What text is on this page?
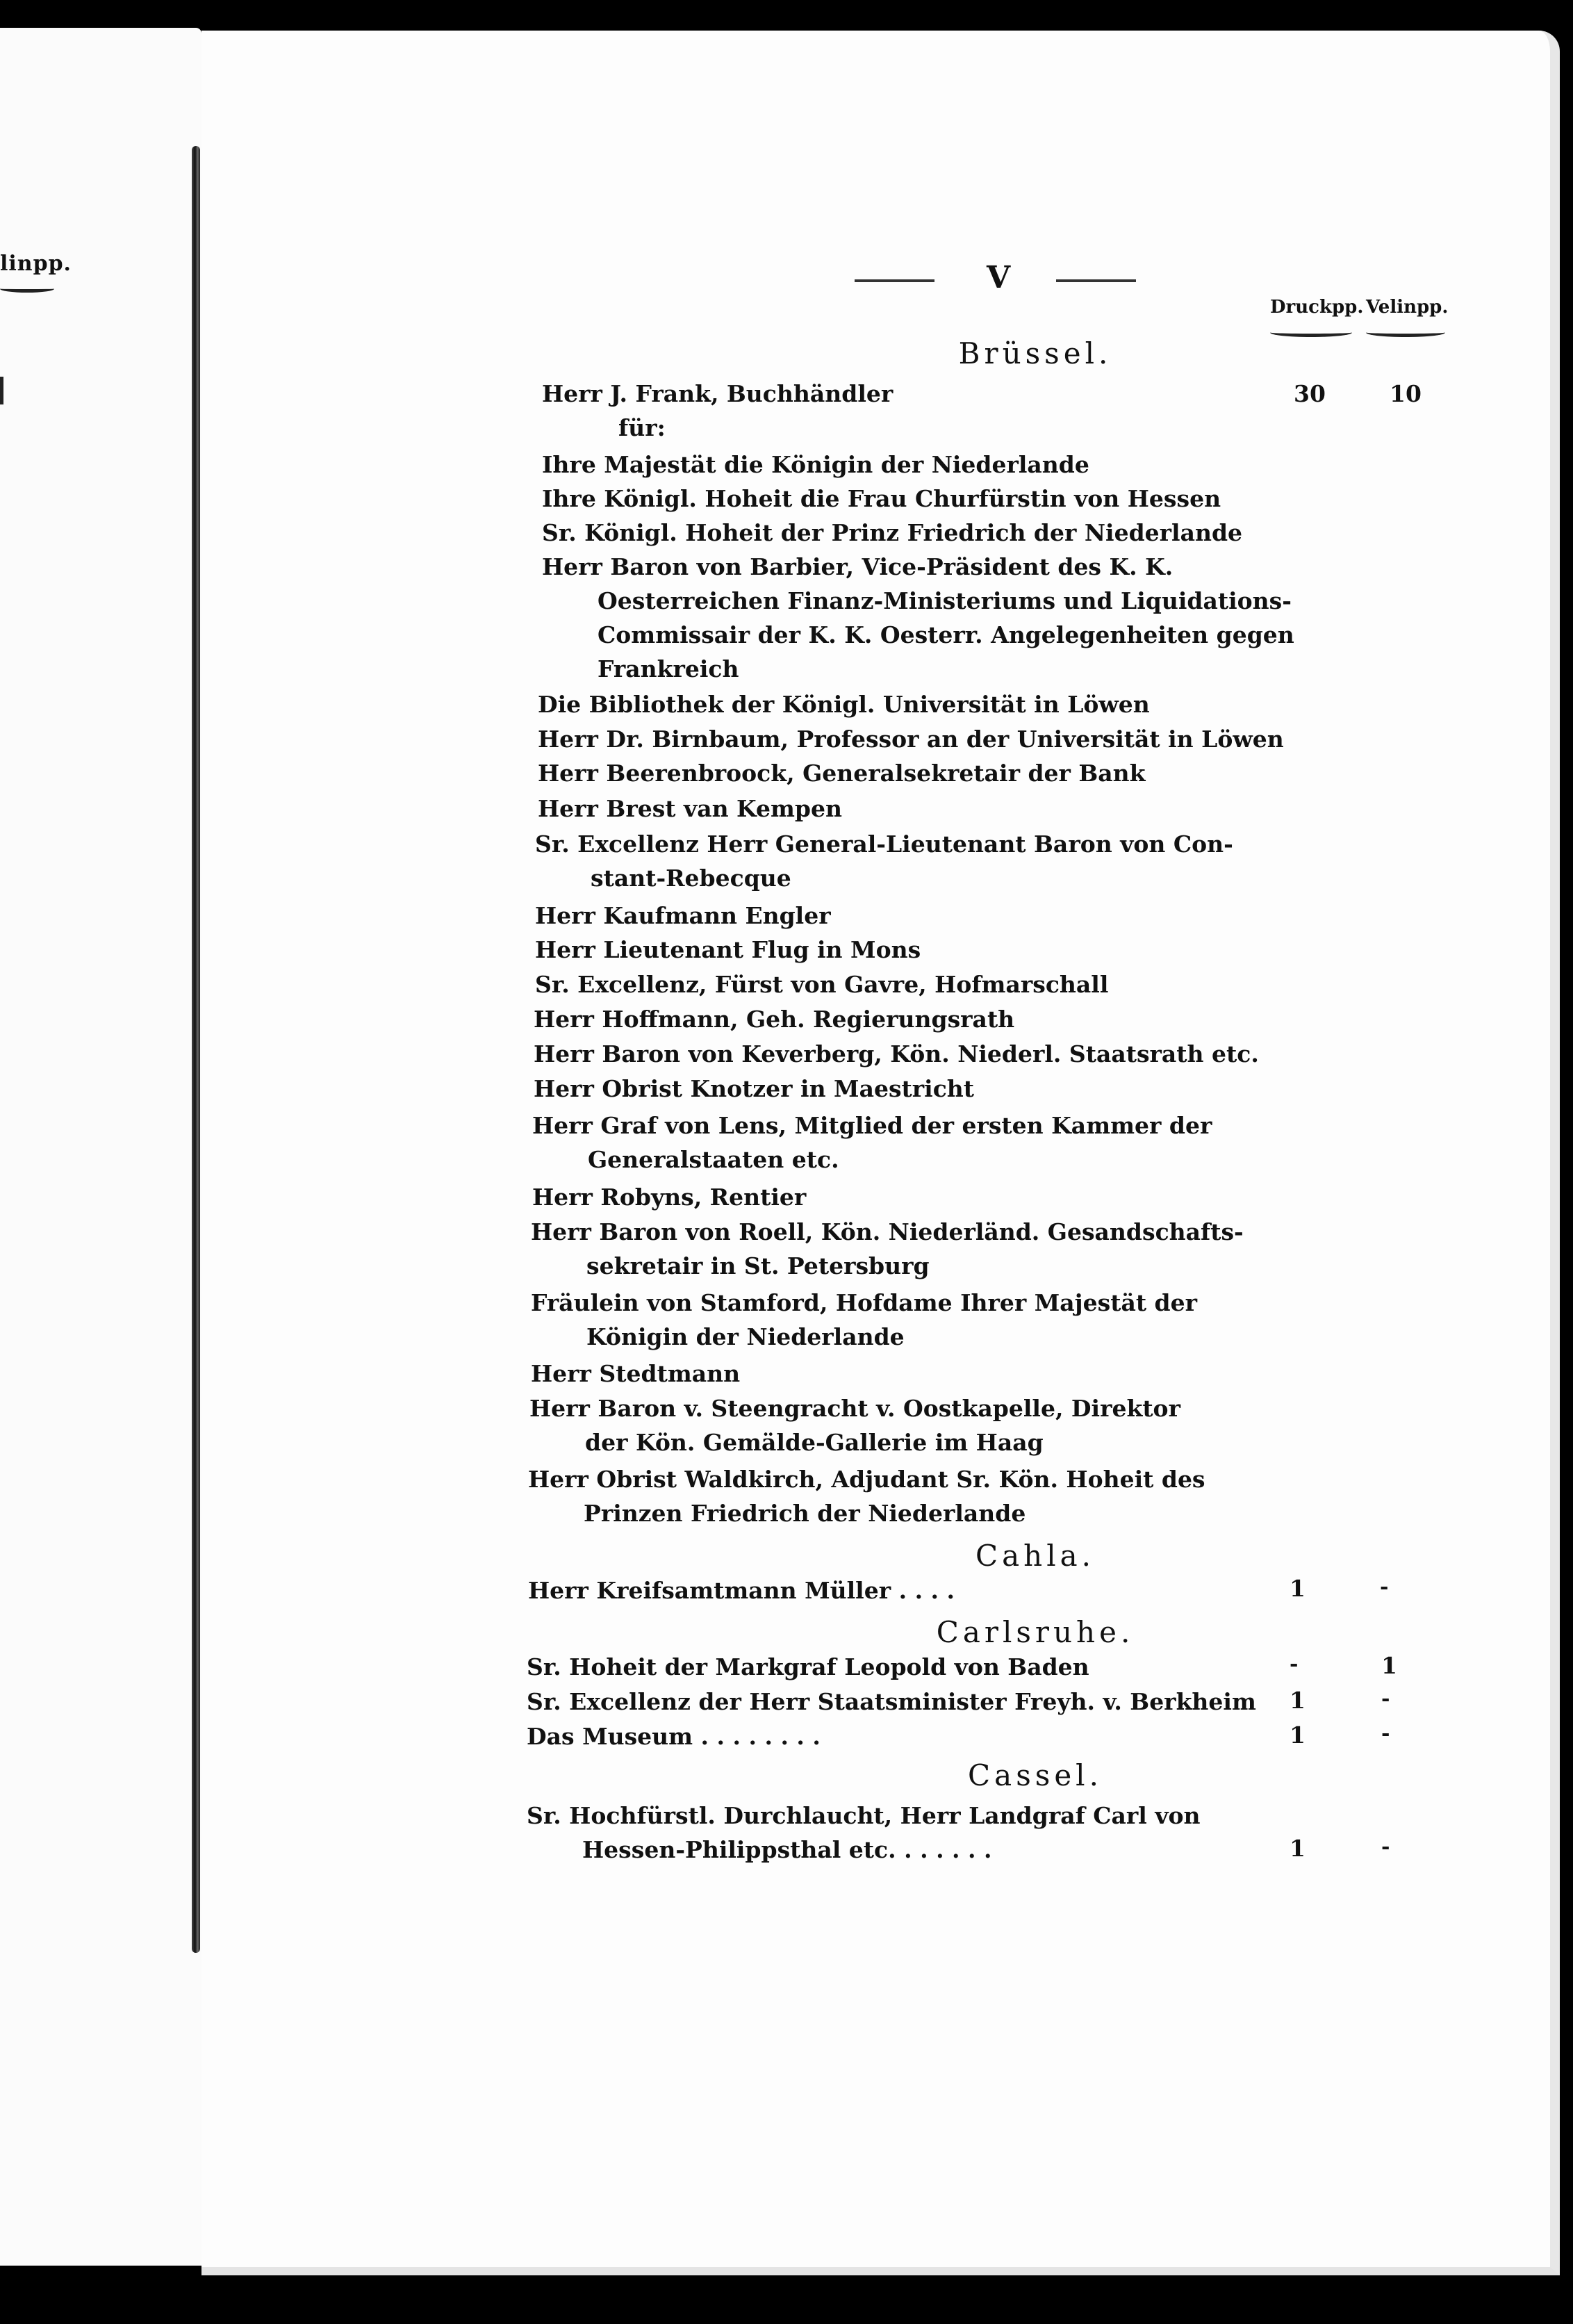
linpp.	V
Druckpp. Velinpp.
Brüssel.
Herr J. Frank, Buchhändler	30	10
für:
Ihre Majestät die Königin der Niederlande
Ihre Königl. Hoheit die Frau Churfürstin von Hessen
Sr. Königl. Hoheit der Prinz Friedrich der Niederlande
Herr Baron von Barbier, Vice-Präsident des K. K.
Oesterreichen Finanz-Ministeriums und Liquidations-
Commissair der K. K. Oesterr. Angelegenheiten gegen
Frankreich
Die Bibliothek der Königl. Universität in Löwen
Herr Dr. Birnbaum, Professor an der Universität in Löwen
Herr Beerenbroock, Generalsekretair der Bank
Herr Brest van Kempen
Sr. Excellenz Herr General-Lieutenant Baron von Con-
stant-Rebecque
Herr Kaufmann Engler
Herr Lieutenant Flug in Mons
Sr. Excellenz, Fürst von Gavre, Hofmarschall
Herr Hoffmann, Geh. Regierungsrath
Herr Baron von Keverberg, Kön. Niederl. Staatsrath etc.
Herr Obrist Knotzer in Maestricht
Herr Graf von Lens, Mitglied der ersten Kammer der
Generalstaaten etc.
Herr Robyns, Rentier
Herr Baron von Roell, Kön. Niederländ. Gesandschafts-
sekretair in St. Petersburg
Fräulein von Stamford, Hofdame Ihrer Majestät der
Königin der Niederlande
Herr Stedtmann
Herr Baron v. Steengracht v. Oostkapelle, Direktor
der Kön. Gemälde-Gallerie im Haag
Herr Obrist Waldkirch, Adjudant Sr. Kön. Hoheit des
Prinzen Friedrich der Niederlande
Cahla.
Herr Kreifsamtmann Müller . . . .	1	-
Carlsruhe.
Sr. Hoheit der Markgraf Leopold von Baden	-	1
Sr. Excellenz der Herr Staatsminister Freyh. v. Berkheim 1	-
Das Museum . . . . . . . .	1	-
Cassel.
Sr. Hochfürstl. Durchlaucht, Herr Landgraf Carl von
Hessen-Philippsthal etc. . . . . . .	1	-
